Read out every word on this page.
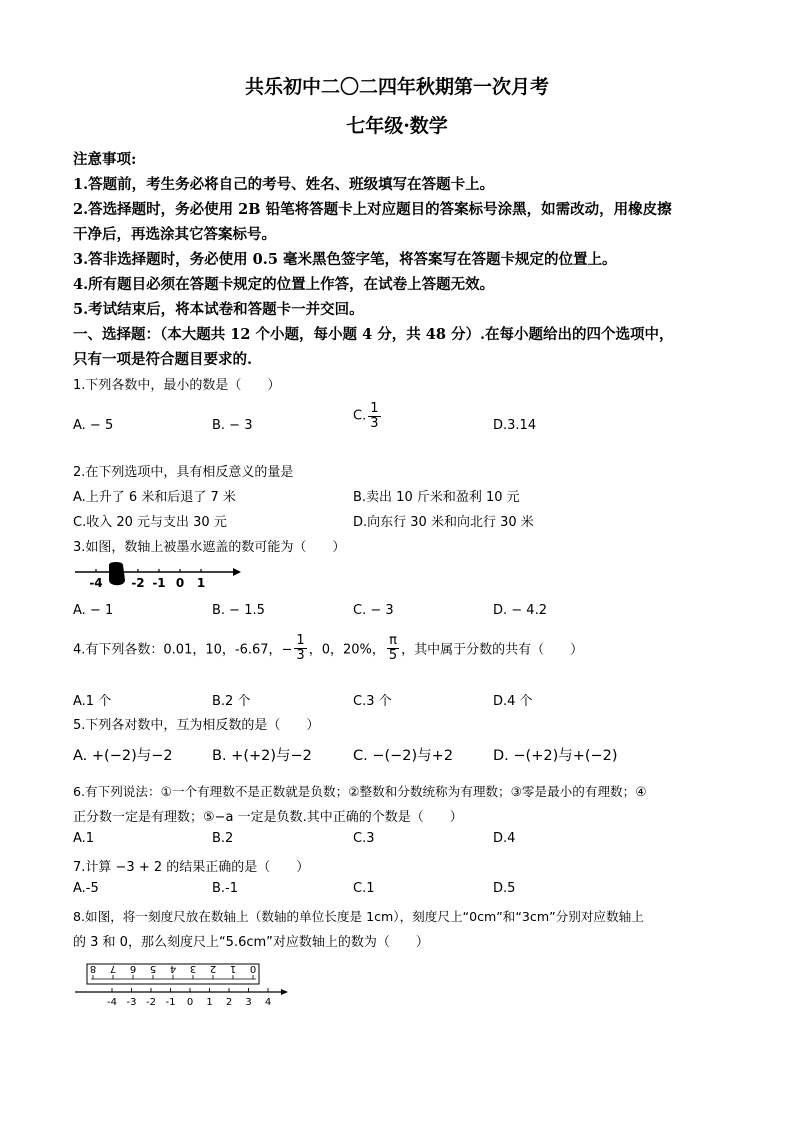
共乐初中二〇二四年秋期第一次月考
七年级·数学
注意事项:
1.答题前，考生务必将自己的考号、姓名、班级填写在答题卡上。
2.答选择题时，务必使用 2B 铅笔将答题卡上对应题目的答案标号涂黑，如需改动，用橡皮擦
干净后，再选涂其它答案标号。
3.答非选择题时，务必使用 0.5 毫米黑色签字笔，将答案写在答题卡规定的位置上。
4.所有题目必须在答题卡规定的位置上作答，在试卷上答题无效。
5.考试结束后，将本试卷和答题卡一并交回。
一、选择题：（本大题共 12 个小题，每小题 4 分，共 48 分）.在每小题给出的四个选项中，
只有一项是符合题目要求的.
1.下列各数中，最小的数是（　　）
A. − 5	B. − 3
C. $\frac{1}{3}$	D.3.14
2.在下列选项中，具有相反意义的量是
A.上升了 6 米和后退了 7 米	B.卖出 10 斤米和盈利 10 元
C.收入 20 元与支出 30 元	D.向东行 30 米和向北行 30 米
3.如图，数轴上被墨水遮盖的数可能为（　　）
-4 -2 -1 0 1
A. − 1	B. − 1.5	C. − 3	D. − 4.2
4.有下列各数：0.01，10，-6.67，− $\frac{1}{3}$ ，0，20%， $\frac{\pi}{5}$ ，其中属于分数的共有（　　）
A.1 个	B.2 个	C.3 个	D.4 个
5.下列各对数中，互为相反数的是（　　）
A. +(−2)与−2	B. +(+2)与−2	C. −(−2)与+2	D. −(+2)与+(−2)
6.有下列说法：①一个有理数不是正数就是负数；②整数和分数统称为有理数；③零是最小的有理数；④
正分数一定是有理数；⑤−a 一定是负数.其中正确的个数是（　　）
A.1	B.2	C.3	D.4
7.计算 −3 + 2 的结果正确的是（　　）
A.-5	B.-1	C.1	D.5
8.如图，将一刻度尺放在数轴上（数轴的单位长度是 1cm），刻度尺上“0cm”和“3cm”分别对应数轴上
的 3 和 0，那么刻度尺上“5.6cm”对应数轴上的数为（　　）
8 7 6 5 4 3 2 1 0
-4 -3 -2 -1 0 1 2 3 4
